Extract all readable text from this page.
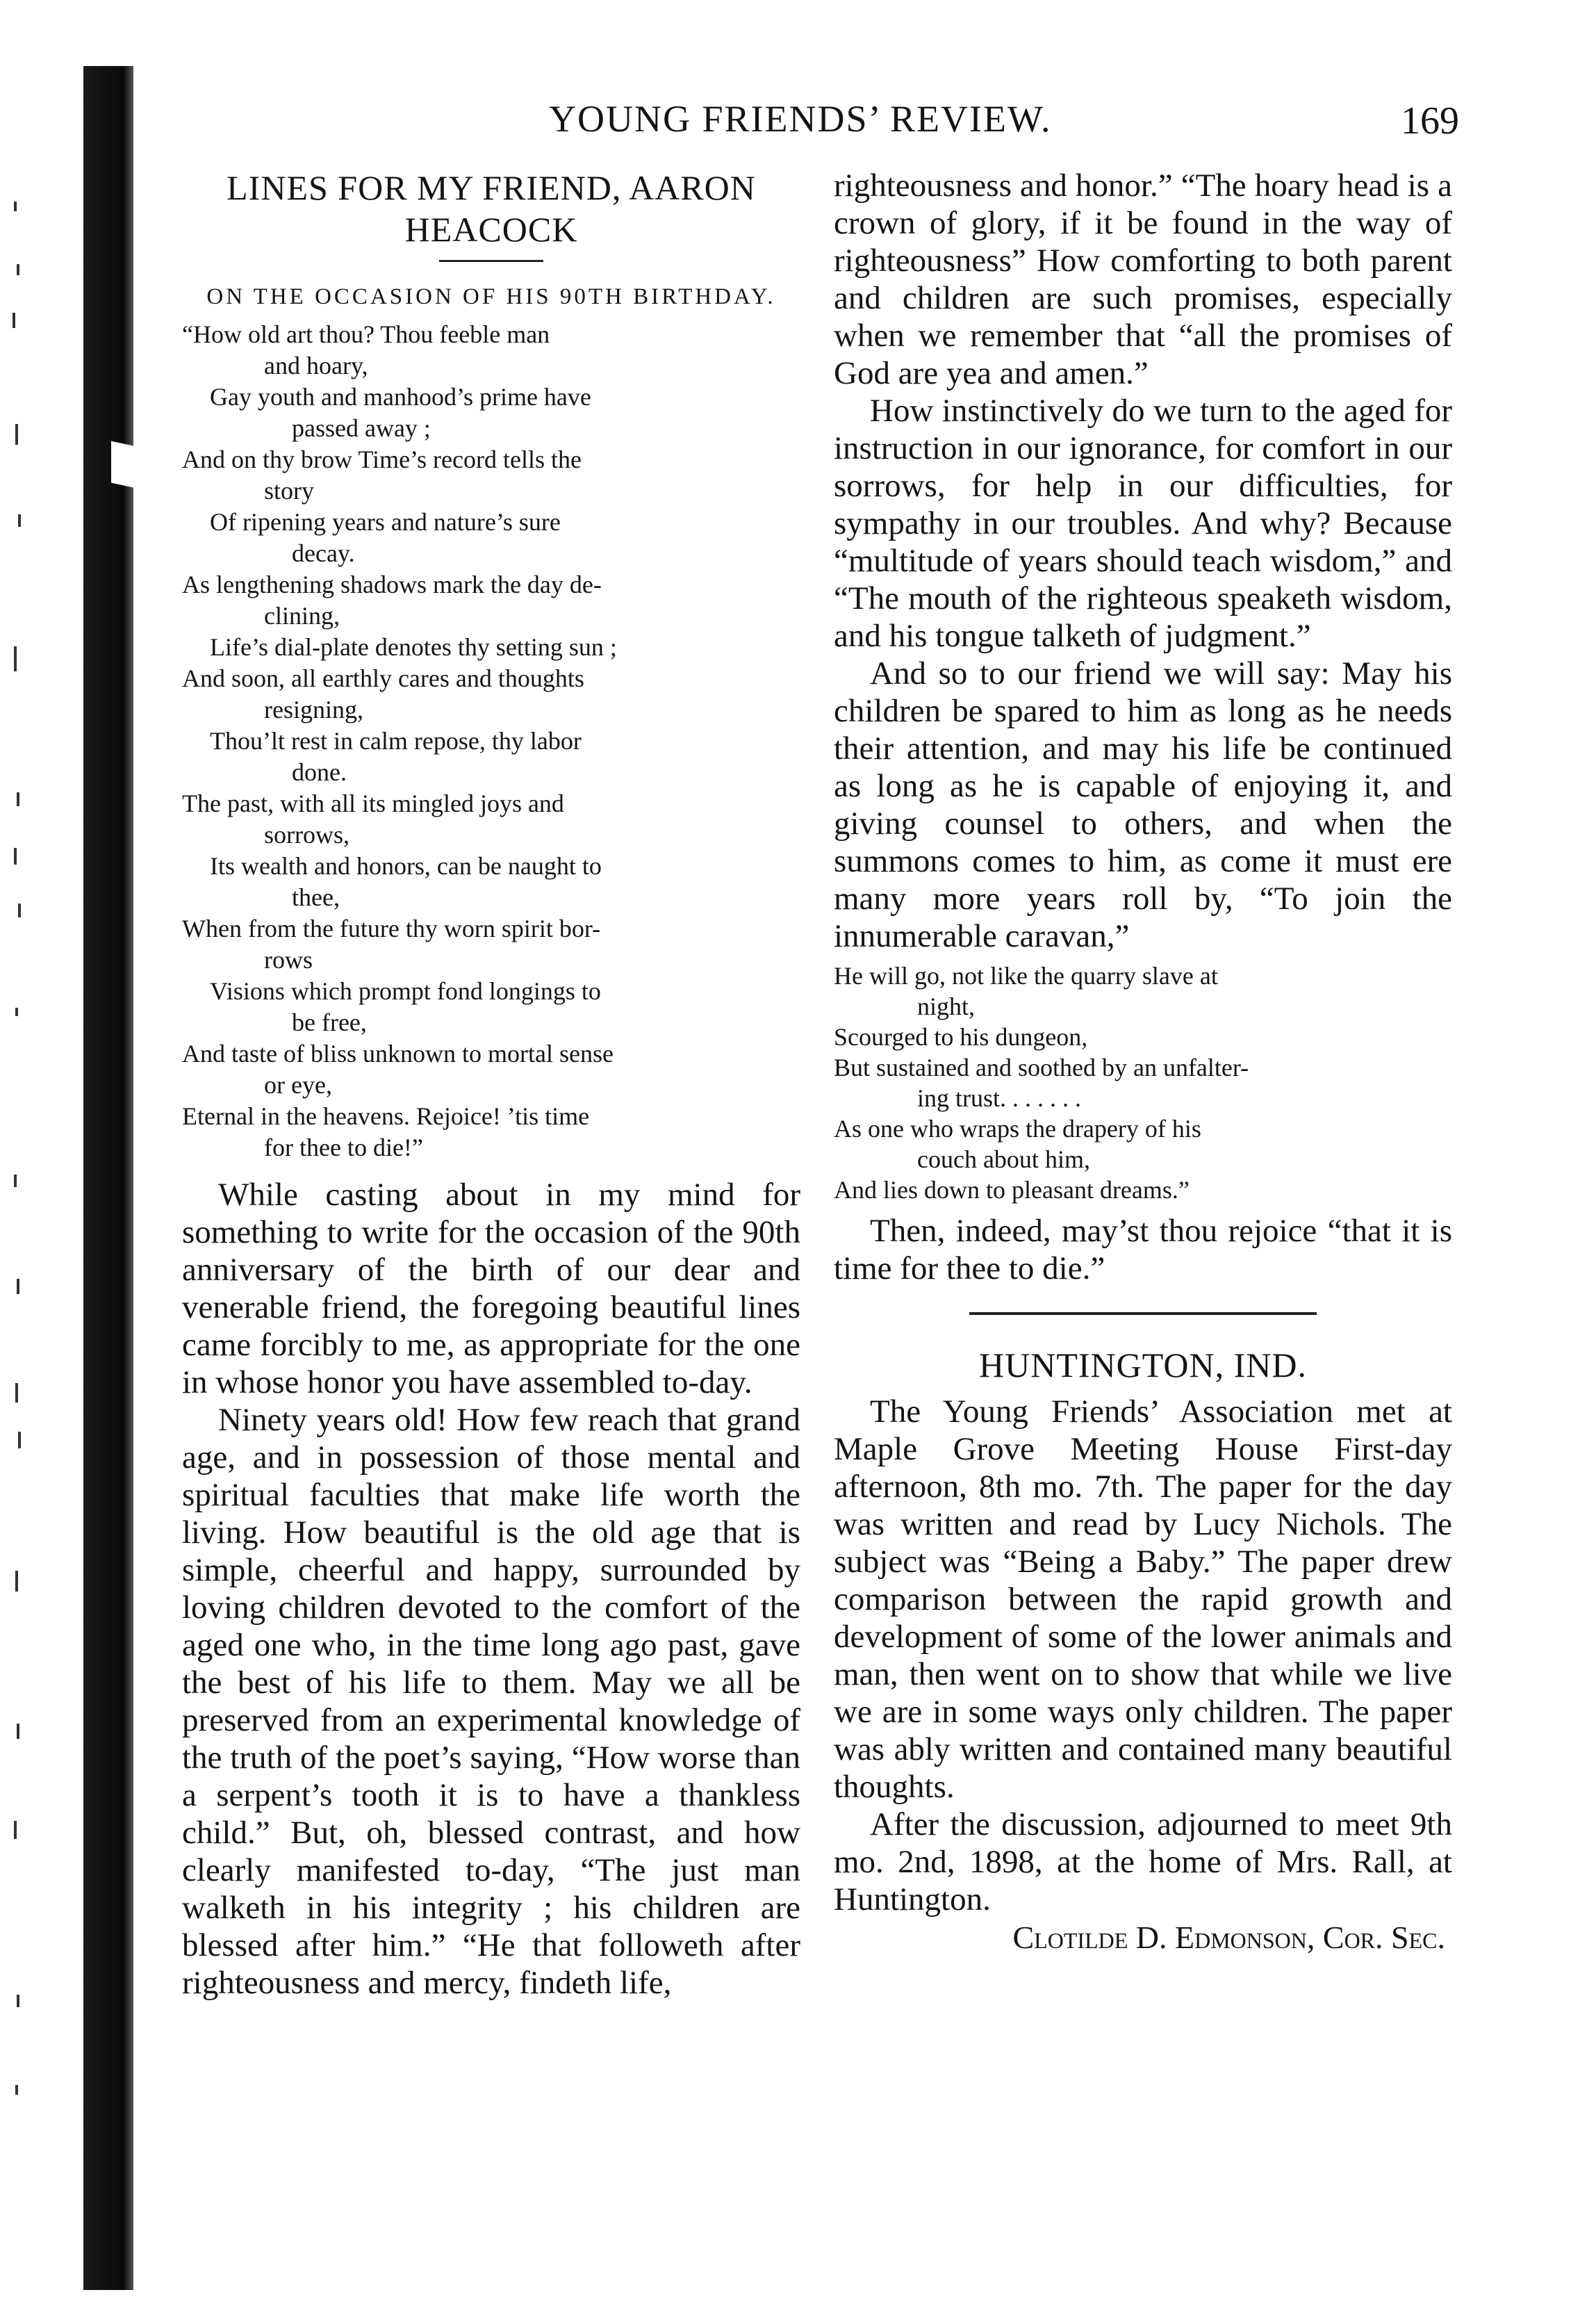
YOUNG FRIENDS’ REVIEW.	169
LINES FOR MY FRIEND, AARON HEACOCK
ON THE OCCASION OF HIS 90TH BIRTHDAY.
“How old art thou? Thou feeble man
and hoary,
Gay youth and manhood’s prime have
passed away ;
And on thy brow Time’s record tells the
story
Of ripening years and nature’s sure
decay.
As lengthening shadows mark the day de-
clining,
Life’s dial-plate denotes thy setting sun ;
And soon, all earthly cares and thoughts
resigning,
Thou’lt rest in calm repose, thy labor
done.
The past, with all its mingled joys and
sorrows,
Its wealth and honors, can be naught to
thee,
When from the future thy worn spirit bor-
rows
Visions which prompt fond longings to
be free,
And taste of bliss unknown to mortal sense
or eye,
Eternal in the heavens. Rejoice! ’tis time
for thee to die!”

While casting about in my mind for something to write for the occasion of the 90th anniversary of the birth of our dear and venerable friend, the foregoing beautiful lines came forcibly to me, as appropriate for the one in whose honor you have assembled to-day.

Ninety years old! How few reach that grand age, and in possession of those mental and spiritual faculties that make life worth the living. How beautiful is the old age that is simple, cheerful and happy, surrounded by loving children devoted to the comfort of the aged one who, in the time long ago past, gave the best of his life to them. May we all be preserved from an experimental knowledge of the truth of the poet’s saying, “How worse than a serpent’s tooth it is to have a thankless child.” But, oh, blessed contrast, and how clearly manifested to-day, “The just man walketh in his integrity ; his children are blessed after him.” “He that followeth after righteousness and mercy, findeth life,

righteousness and honor.” “The hoary head is a crown of glory, if it be found in the way of righteousness” How comforting to both parent and children are such promises, especially when we remember that “all the promises of God are yea and amen.”

How instinctively do we turn to the aged for instruction in our ignorance, for comfort in our sorrows, for help in our difficulties, for sympathy in our troubles. And why? Because “multitude of years should teach wisdom,” and “The mouth of the righteous speaketh wisdom, and his tongue talketh of judgment.”

And so to our friend we will say: May his children be spared to him as long as he needs their attention, and may his life be continued as long as he is capable of enjoying it, and giving counsel to others, and when the summons comes to him, as come it must ere many more years roll by, “To join the innumerable caravan,”

He will go, not like the quarry slave at
night,
Scourged to his dungeon,
But sustained and soothed by an unfalter-
ing trust. . . . . . .
As one who wraps the drapery of his
couch about him,
And lies down to pleasant dreams.”

Then, indeed, may’st thou rejoice “that it is time for thee to die.”

HUNTINGTON, IND.

The Young Friends’ Association met at Maple Grove Meeting House First-day afternoon, 8th mo. 7th. The paper for the day was written and read by Lucy Nichols. The subject was “Being a Baby.” The paper drew comparison between the rapid growth and development of some of the lower animals and man, then went on to show that while we live we are in some ways only children. The paper was ably written and contained many beautiful thoughts.

After the discussion, adjourned to meet 9th mo. 2nd, 1898, at the home of Mrs. Rall, at Huntington.

Clotilde D. Edmonson, Cor. Sec.
